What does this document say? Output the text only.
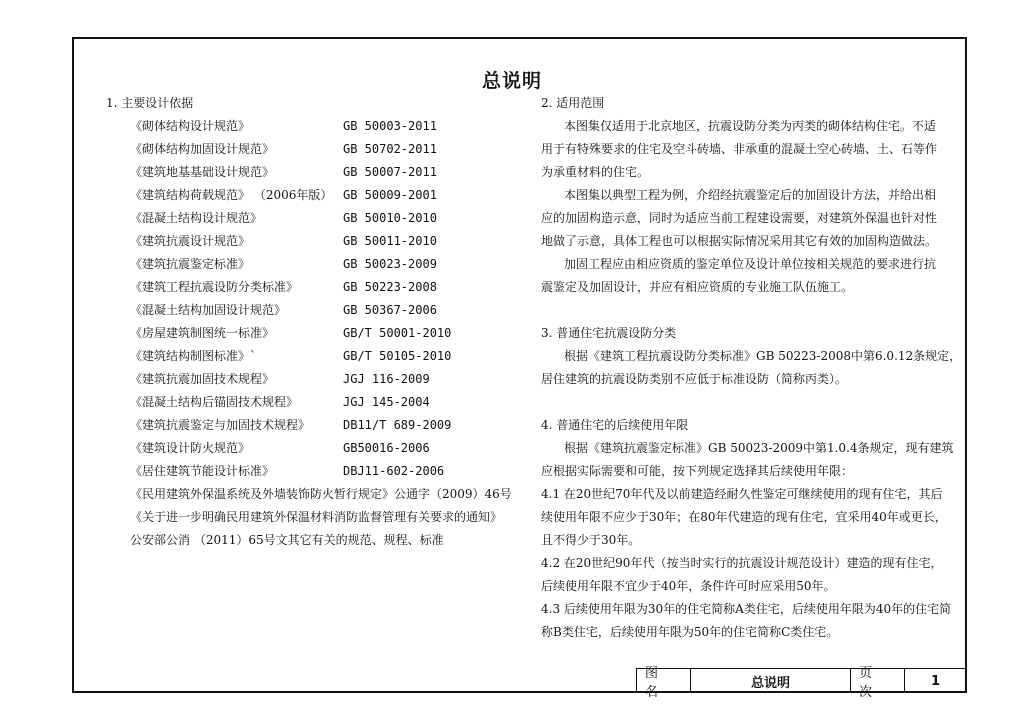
总说明
1. 主要设计依据
《砌体结构设计规范》	GB 50003-2011
《砌体结构加固设计规范》	GB 50702-2011
《建筑地基基础设计规范》	GB 50007-2011
《建筑结构荷载规范》 （2006年版） GB 50009-2001
《混凝土结构设计规范》	GB 50010-2010
《建筑抗震设计规范》	GB 50011-2010
《建筑抗震鉴定标准》	GB 50023-2009
《建筑工程抗震设防分类标准》	GB 50223-2008
《混凝土结构加固设计规范》	GB 50367-2006
《房屋建筑制图统一标准》	GB/T 50001-2010
《建筑结构制图标准》`	GB/T 50105-2010
《建筑抗震加固技术规程》	JGJ 116-2009
《混凝土结构后锚固技术规程》	JGJ 145-2004
《建筑抗震鉴定与加固技术规程》	DB11/T 689-2009
《建筑设计防火规范》	GB50016-2006
《居住建筑节能设计标准》	DBJ11-602-2006
《民用建筑外保温系统及外墙装饰防火暂行规定》公通字（2009）46号
《关于进一步明确民用建筑外保温材料消防监督管理有关要求的通知》
公安部公消 （2011）65号文其它有关的规范、规程、标准
2. 适用范围
本图集仅适用于北京地区，抗震设防分类为丙类的砌体结构住宅。不适
用于有特殊要求的住宅及空斗砖墙、非承重的混凝土空心砖墙、土、石等作
为承重材料的住宅。
本图集以典型工程为例，介绍经抗震鉴定后的加固设计方法，并给出相
应的加固构造示意，同时为适应当前工程建设需要，对建筑外保温也针对性
地做了示意，具体工程也可以根据实际情况采用其它有效的加固构造做法。
加固工程应由相应资质的鉴定单位及设计单位按相关规范的要求进行抗
震鉴定及加固设计，并应有相应资质的专业施工队伍施工。
3. 普通住宅抗震设防分类
根据《建筑工程抗震设防分类标准》GB 50223-2008中第6.0.12条规定，
居住建筑的抗震设防类别不应低于标准设防（简称丙类）。
4. 普通住宅的后续使用年限
根据《建筑抗震鉴定标准》GB 50023-2009中第1.0.4条规定，现有建筑
应根据实际需要和可能，按下列规定选择其后续使用年限：
4.1 在20世纪70年代及以前建造经耐久性鉴定可继续使用的现有住宅，其后
续使用年限不应少于30年；在80年代建造的现有住宅，宜采用40年或更长，
且不得少于30年。
4.2 在20世纪90年代（按当时实行的抗震设计规范设计）建造的现有住宅，
后续使用年限不宜少于40年，条件许可时应采用50年。
4.3 后续使用年限为30年的住宅简称A类住宅，后续使用年限为40年的住宅简
称B类住宅，后续使用年限为50年的住宅简称C类住宅。
图名
总说明
页次
1
